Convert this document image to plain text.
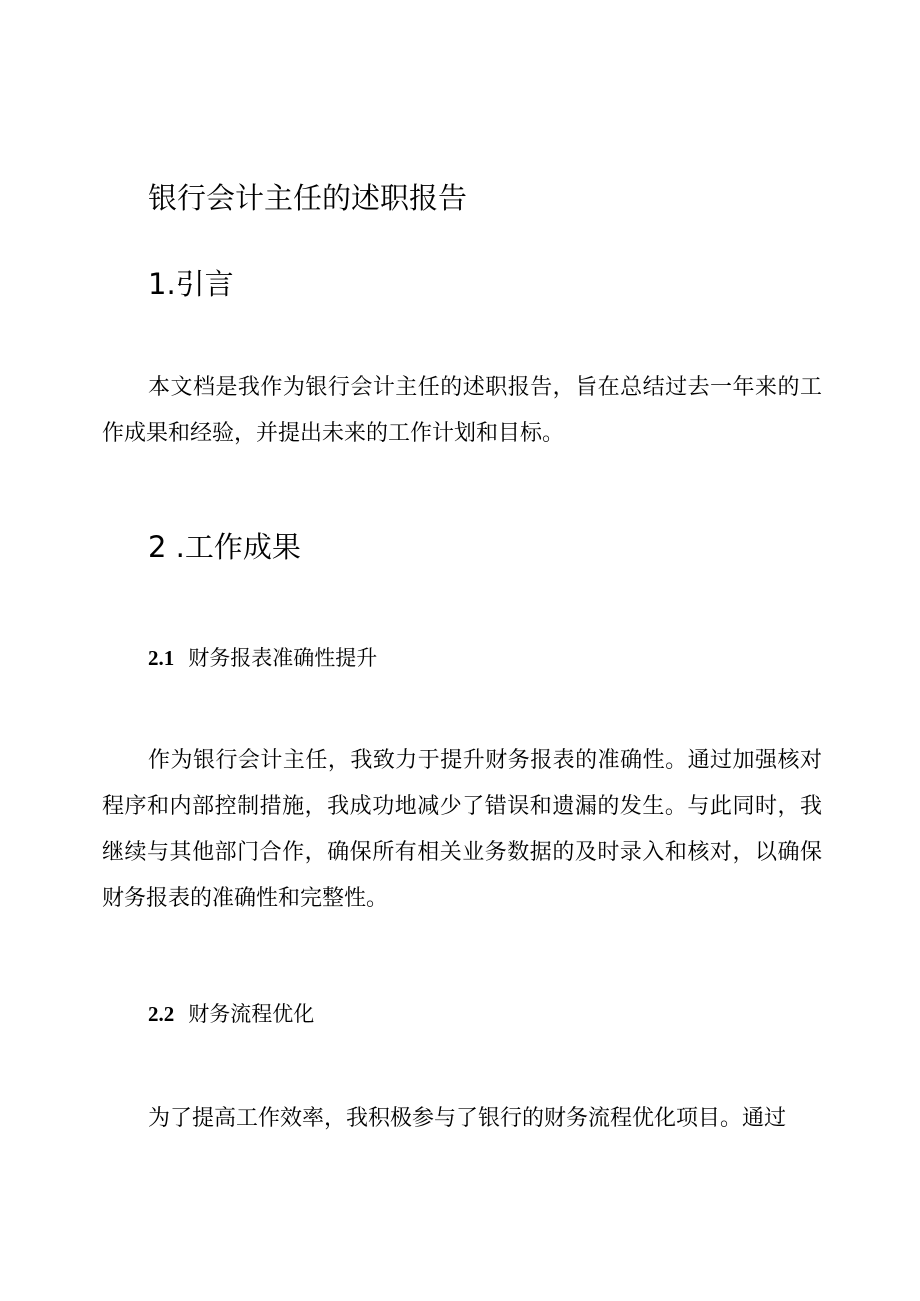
银行会计主任的述职报告
1.引言
本文档是我作为银行会计主任的述职报告，旨在总结过去一年来的工作成果和经验，并提出未来的工作计划和目标。
2 .工作成果
2.1 财务报表准确性提升
作为银行会计主任，我致力于提升财务报表的准确性。通过加强核对程序和内部控制措施，我成功地减少了错误和遗漏的发生。与此同时，我继续与其他部门合作，确保所有相关业务数据的及时录入和核对，以确保财务报表的准确性和完整性。
2.2 财务流程优化
为了提高工作效率，我积极参与了银行的财务流程优化项目。通过
